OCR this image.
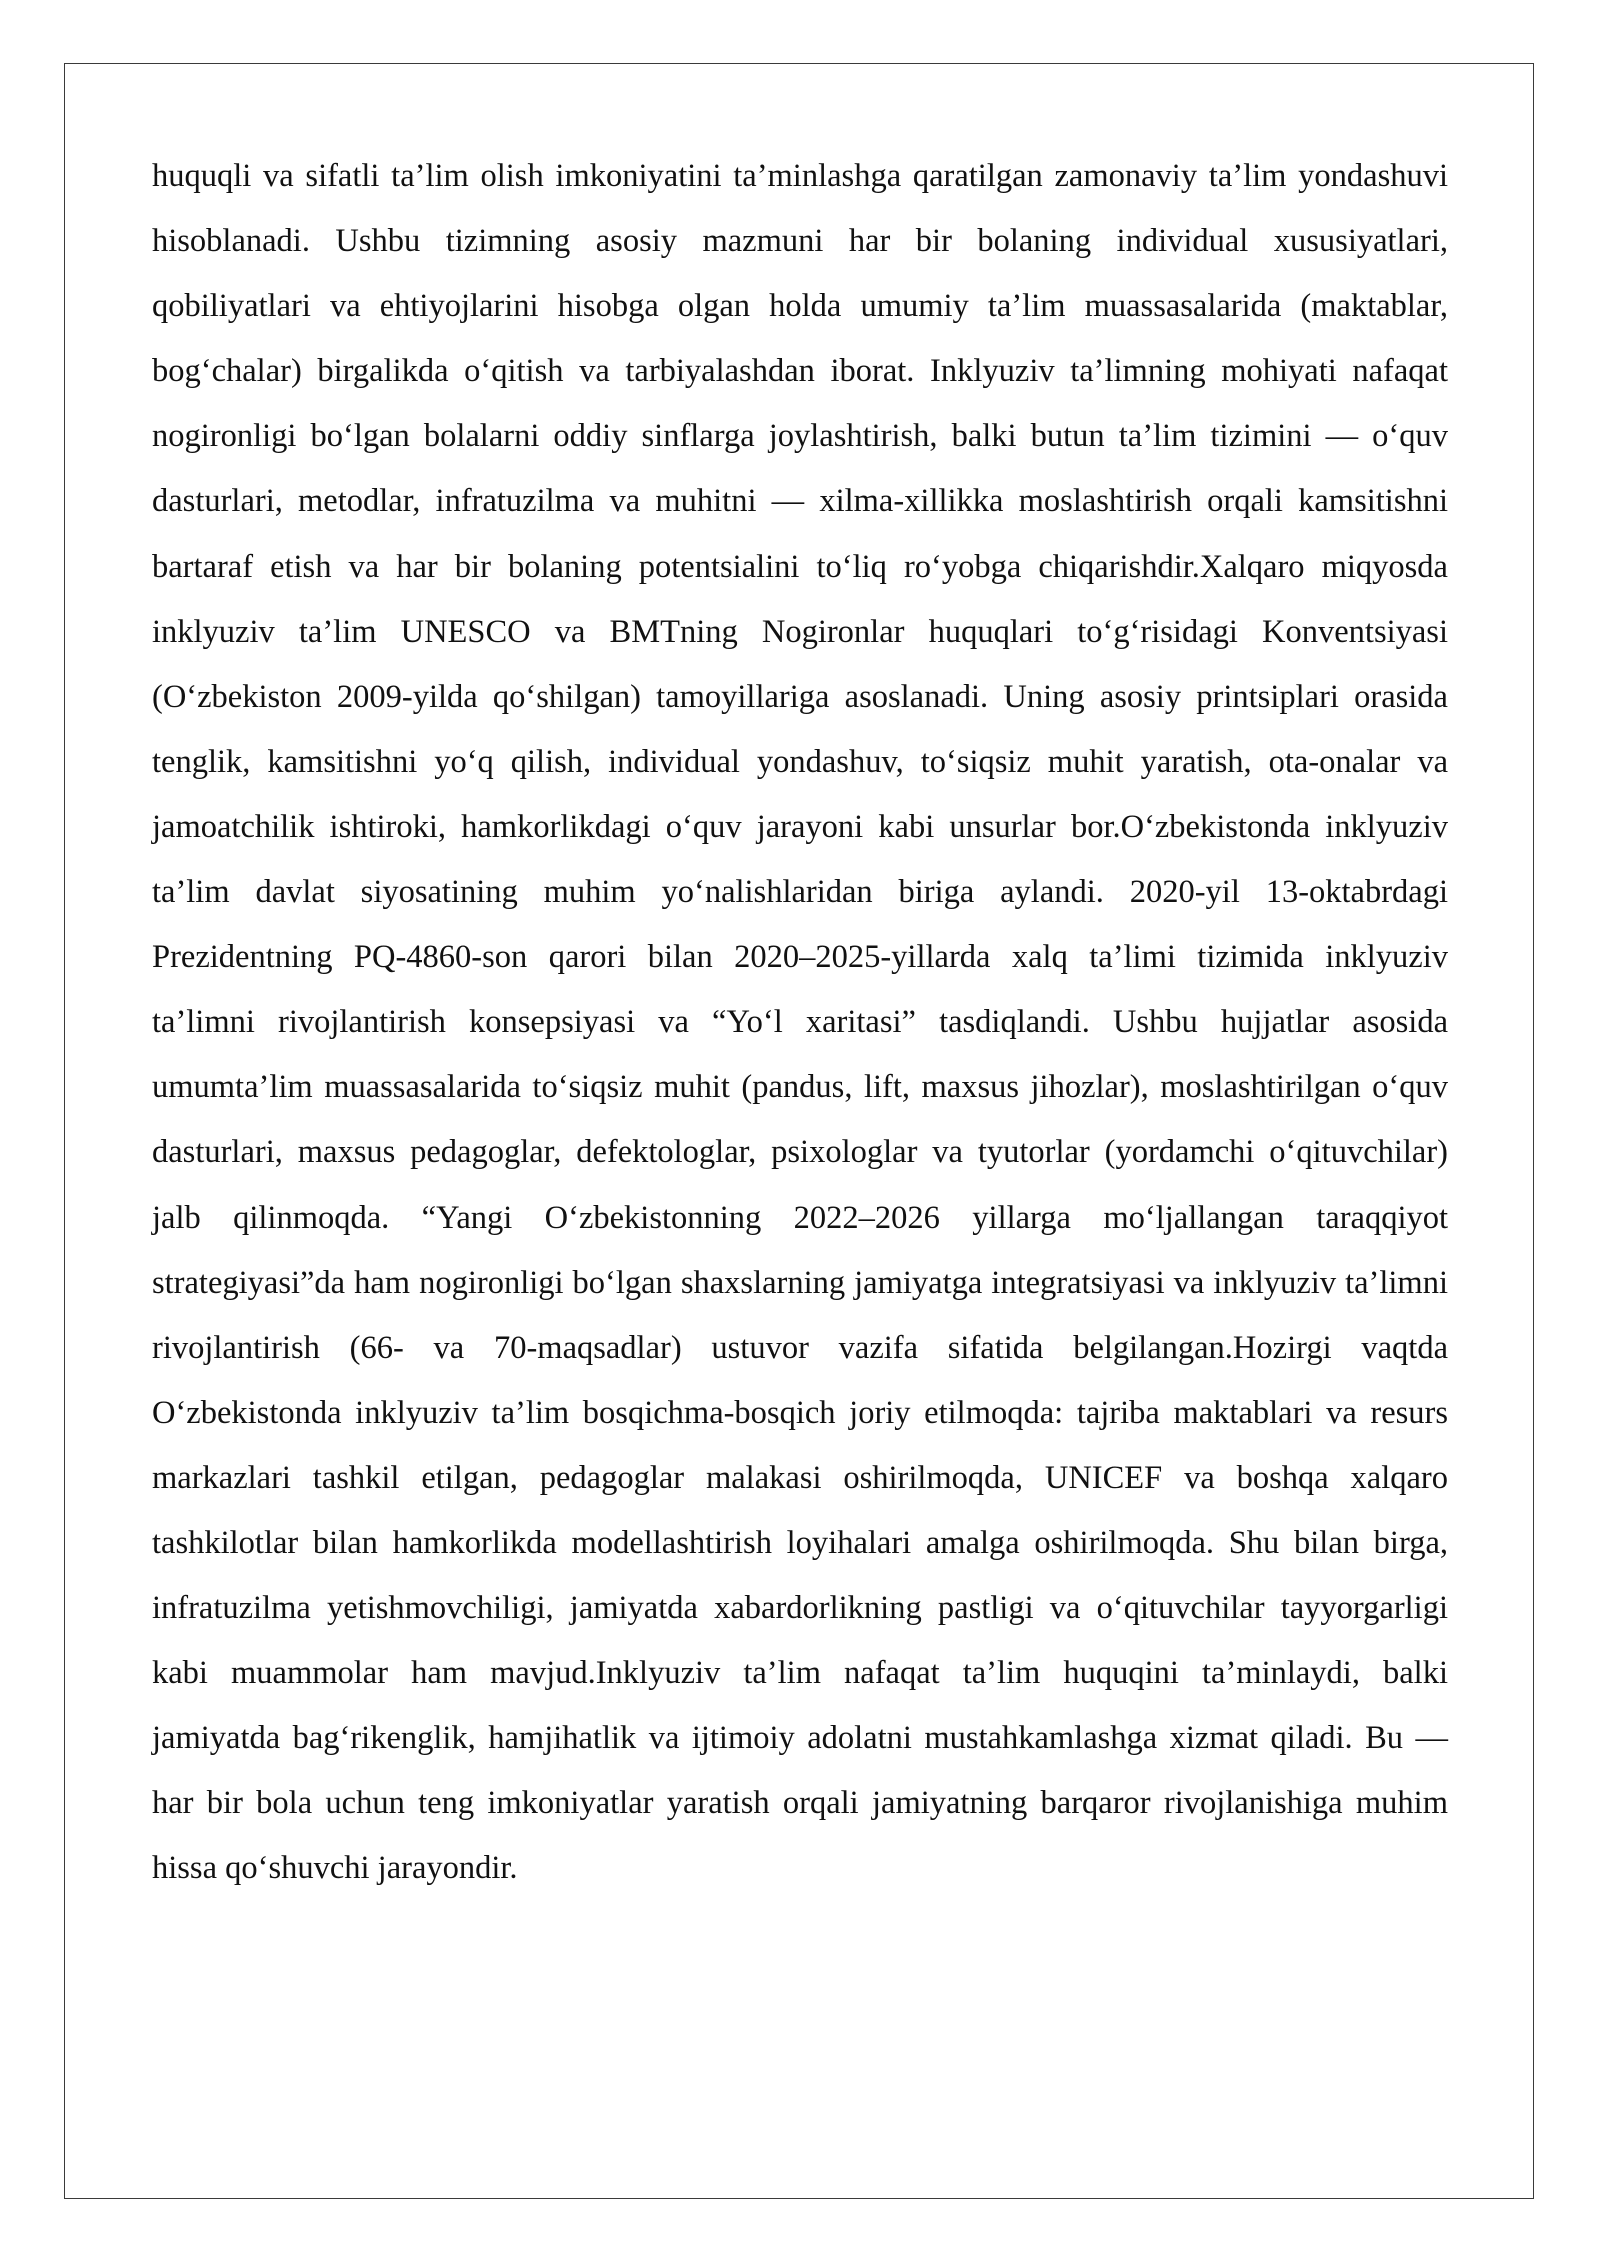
huquqli va sifatli ta’lim olish imkoniyatini ta’minlashga qaratilgan zamonaviy ta’lim yondashuvi hisoblanadi. Ushbu tizimning asosiy mazmuni har bir bolaning individual xususiyatlari, qobiliyatlari va ehtiyojlarini hisobga olgan holda umumiy ta’lim muassasalarida (maktablar, bog‘chalar) birgalikda o‘qitish va tarbiyalashdan iborat. Inklyuziv ta’limning mohiyati nafaqat nogironligi bo‘lgan bolalarni oddiy sinflarga joylashtirish, balki butun ta’lim tizimini — o‘quv dasturlari, metodlar, infratuzilma va muhitni — xilma-xillikka moslashtirish orqali kamsitishni bartaraf etish va har bir bolaning potentsialini to‘liq ro‘yobga chiqarishdir.Xalqaro miqyosda inklyuziv ta’lim UNESCO va BMTning Nogironlar huquqlari to‘g‘risidagi Konventsiyasi (O‘zbekiston 2009-yilda qo‘shilgan) tamoyillariga asoslanadi. Uning asosiy printsiplari orasida tenglik, kamsitishni yo‘q qilish, individual yondashuv, to‘siqsiz muhit yaratish, ota-onalar va jamoatchilik ishtiroki, hamkorlikdagi o‘quv jarayoni kabi unsurlar bor.O‘zbekistonda inklyuziv ta’lim davlat siyosatining muhim yo‘nalishlaridan biriga aylandi. 2020-yil 13-oktabrdagi Prezidentning PQ-4860-son qarori bilan 2020–2025-yillarda xalq ta’limi tizimida inklyuziv ta’limni rivojlantirish konsepsiyasi va “Yo‘l xaritasi” tasdiqlandi. Ushbu hujjatlar asosida umumta’lim muassasalarida to‘siqsiz muhit (pandus, lift, maxsus jihozlar), moslashtirilgan o‘quv dasturlari, maxsus pedagoglar, defektologlar, psixologlar va tyutorlar (yordamchi o‘qituvchilar) jalb qilinmoqda. “Yangi O‘zbekistonning 2022–2026 yillarga mo‘ljallangan taraqqiyot strategiyasi”da ham nogironligi bo‘lgan shaxslarning jamiyatga integratsiyasi va inklyuziv ta’limni rivojlantirish (66- va 70-maqsadlar) ustuvor vazifa sifatida belgilangan.Hozirgi vaqtda O‘zbekistonda inklyuziv ta’lim bosqichma-bosqich joriy etilmoqda: tajriba maktablari va resurs markazlari tashkil etilgan, pedagoglar malakasi oshirilmoqda, UNICEF va boshqa xalqaro tashkilotlar bilan hamkorlikda modellashtirish loyihalari amalga oshirilmoqda. Shu bilan birga, infratuzilma yetishmovchiligi, jamiyatda xabardorlikning pastligi va o‘qituvchilar tayyorgarligi kabi muammolar ham mavjud.Inklyuziv ta’lim nafaqat ta’lim huquqini ta’minlaydi, balki jamiyatda bag‘rikenglik, hamjihatlik va ijtimoiy adolatni mustahkamlashga xizmat qiladi. Bu — har bir bola uchun teng imkoniyatlar yaratish orqali jamiyatning barqaror rivojlanishiga muhim hissa qo‘shuvchi jarayondir.
